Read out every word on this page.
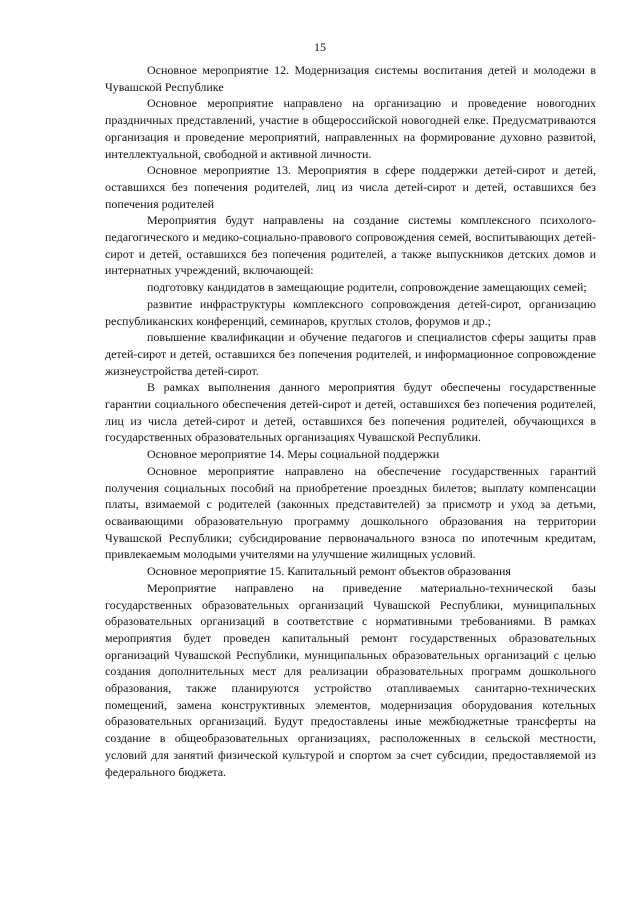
15

Основное мероприятие 12. Модернизация системы воспитания детей и молодежи в Чувашской Республике

Основное мероприятие направлено на организацию и проведение новогодних праздничных представлений, участие в общероссийской новогодней елке. Предусматриваются организация и проведение мероприятий, направленных на формирование духовно развитой, интеллектуальной, свободной и активной личности.

Основное мероприятие 13. Мероприятия в сфере поддержки детей-сирот и детей, оставшихся без попечения родителей, лиц из числа детей-сирот и детей, оставшихся без попечения родителей

Мероприятия будут направлены на создание системы комплексного психолого-педагогического и медико-социально-правового сопровождения семей, воспитывающих детей-сирот и детей, оставшихся без попечения родителей, а также выпускников детских домов и интернатных учреждений, включающей:

подготовку кандидатов в замещающие родители, сопровождение замещающих семей;

развитие инфраструктуры комплексного сопровождения детей-сирот, организацию республиканских конференций, семинаров, круглых столов, форумов и др.;

повышение квалификации и обучение педагогов и специалистов сферы защиты прав детей-сирот и детей, оставшихся без попечения родителей, и информационное сопровождение жизнеустройства детей-сирот.

В рамках выполнения данного мероприятия будут обеспечены государственные гарантии социального обеспечения детей-сирот и детей, оставшихся без попечения родителей, лиц из числа детей-сирот и детей, оставшихся без попечения родителей, обучающихся в государственных образовательных организациях Чувашской Республики.

Основное мероприятие 14. Меры социальной поддержки

Основное мероприятие направлено на обеспечение государственных гарантий получения социальных пособий на приобретение проездных билетов; выплату компенсации платы, взимаемой с родителей (законных представителей) за присмотр и уход за детьми, осваивающими образовательную программу дошкольного образования на территории Чувашской Республики; субсидирование первоначального взноса по ипотечным кредитам, привлекаемым молодыми учителями на улучшение жилищных условий.

Основное мероприятие 15. Капитальный ремонт объектов образования

Мероприятие направлено на приведение материально-технической базы государственных образовательных организаций Чувашской Республики, муниципальных образовательных организаций в соответствие с нормативными требованиями. В рамках мероприятия будет проведен капитальный ремонт государственных образовательных организаций Чувашской Республики, муниципальных образовательных организаций с целью создания дополнительных мест для реализации образовательных программ дошкольного образования, также планируются устройство отапливаемых санитарно-технических помещений, замена конструктивных элементов, модернизация оборудования котельных образовательных организаций. Будут предоставлены иные межбюджетные трансферты на создание в общеобразовательных организациях, расположенных в сельской местности, условий для занятий физической культурой и спортом за счет субсидии, предоставляемой из федерального бюджета.
